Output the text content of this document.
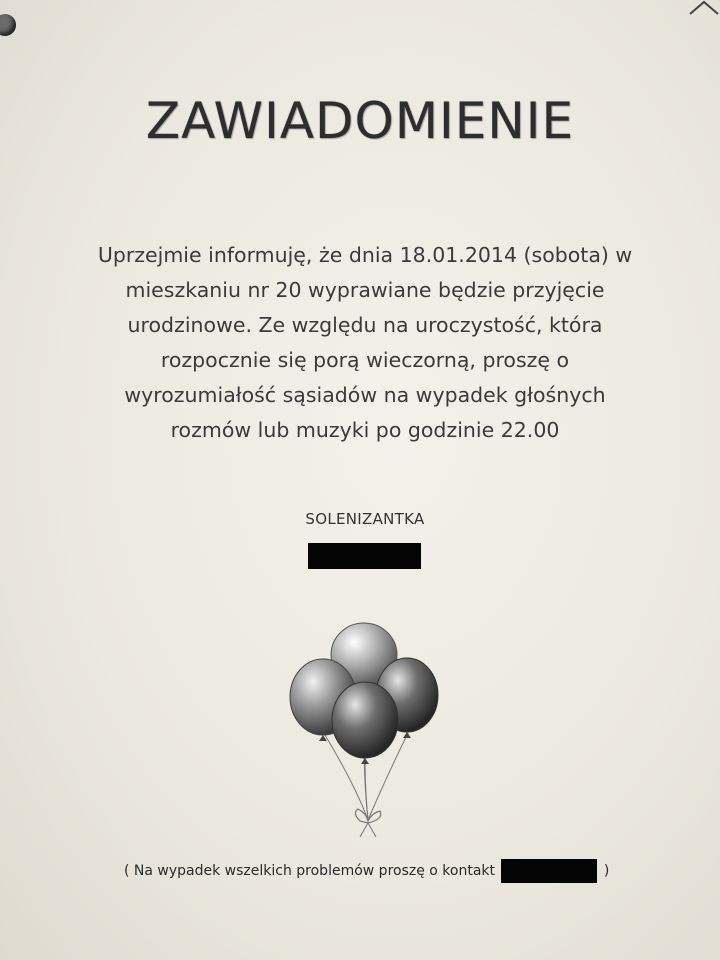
ZAWIADOMIENIE
Uprzejmie informuję, że dnia 18.01.2014 (sobota) w
mieszkaniu nr 20 wyprawiane będzie przyjęcie
urodzinowe. Ze względu na uroczystość, która
rozpocznie się porą wieczorną, proszę o
wyrozumiałość sąsiadów na wypadek głośnych
rozmów lub muzyki po godzinie 22.00
SOLENIZANTKA
( Na wypadek wszelkich problemów proszę o kontakt	)
